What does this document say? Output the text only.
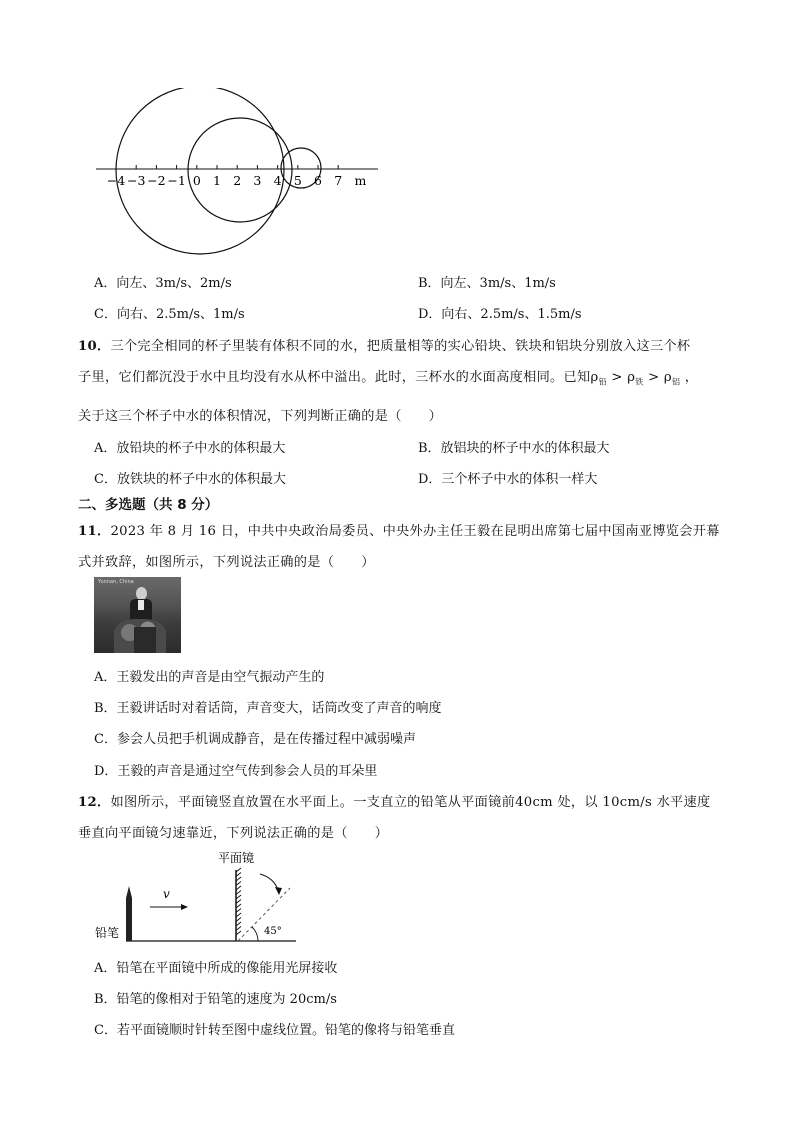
−4 −3 −2 −1 0 1 2 3 4 5 6 7 m
A．向左、3m/s、2m/s	B．向左、3m/s、1m/s
C．向右、2.5m/s、1m/s	D．向右、2.5m/s、1.5m/s
10．三个完全相同的杯子里装有体积不同的水，把质量相等的实心铅块、铁块和铝块分别放入这三个杯
子里，它们都沉没于水中且均没有水从杯中溢出。此时，三杯水的水面高度相同。已知$\rho_铅 > \rho_铁 > \rho_铝$ ，
关于这三个杯子中水的体积情况，下列判断正确的是（　　）
A．放铅块的杯子中水的体积最大	B．放铝块的杯子中水的体积最大
C．放铁块的杯子中水的体积最大	D．三个杯子中水的体积一样大
二、多选题（共 8 分）
11．2023 年 8 月 16 日，中共中央政治局委员、中央外办主任王毅在昆明出席第七届中国南亚博览会开幕
式并致辞，如图所示，下列说法正确的是（　　）
Yunnan, China
A．王毅发出的声音是由空气振动产生的
B．王毅讲话时对着话筒，声音变大，话筒改变了声音的响度
C．参会人员把手机调成静音，是在传播过程中减弱噪声
D．王毅的声音是通过空气传到参会人员的耳朵里
12．如图所示，平面镜竖直放置在水平面上。一支直立的铅笔从平面镜前40cm 处，以 10cm/s 水平速度
垂直向平面镜匀速靠近，下列说法正确的是（　　）
平面镜
铅笔
v
45°
A．铅笔在平面镜中所成的像能用光屏接收
B．铅笔的像相对于铅笔的速度为 20cm/s
C．若平面镜顺时针转至图中虚线位置。铅笔的像将与铅笔垂直
